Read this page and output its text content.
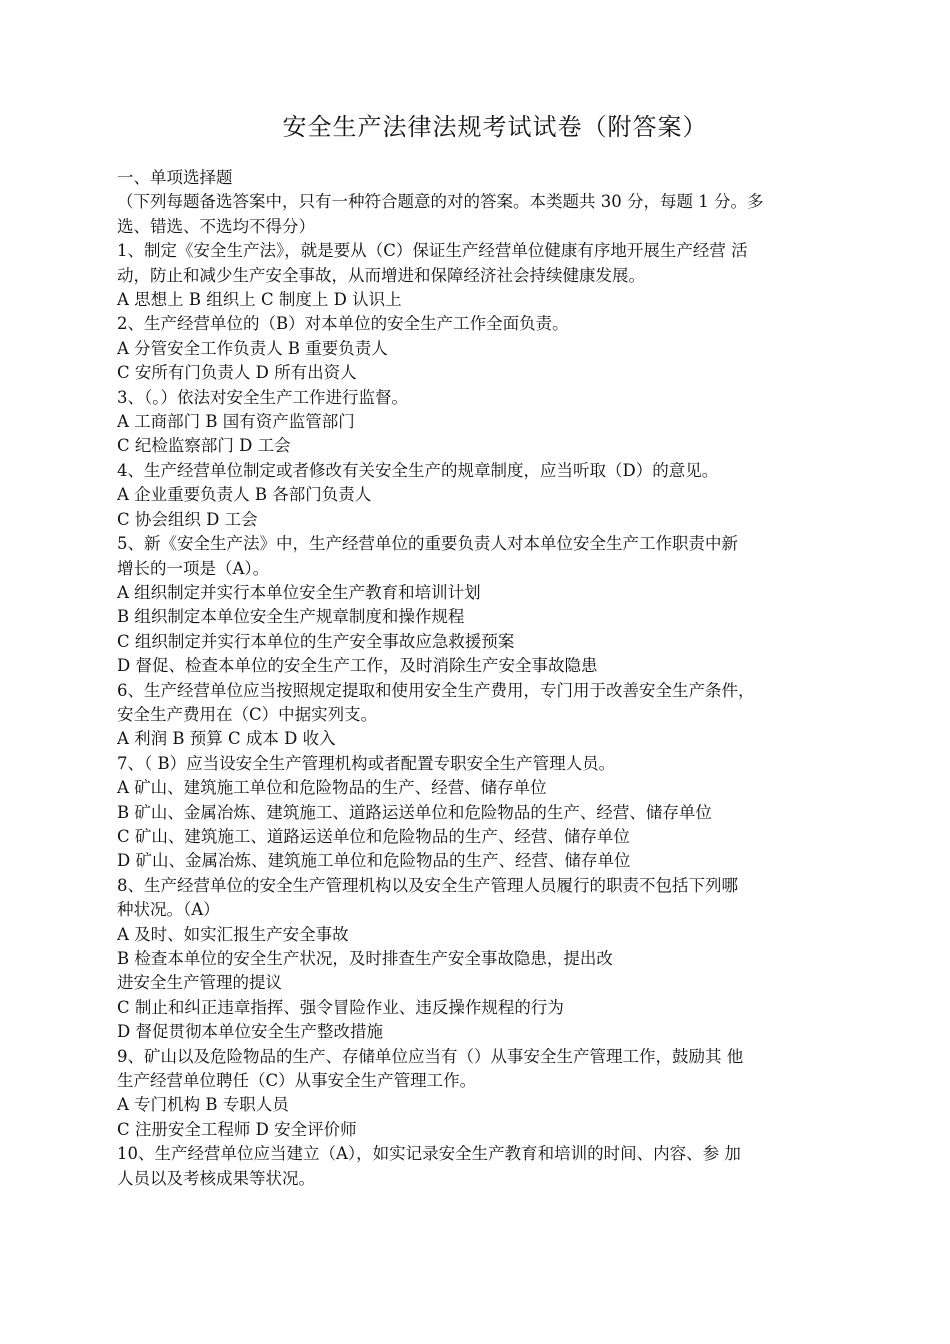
安全生产法律法规考试试卷（附答案）
一、单项选择题
（下列每题备选答案中，只有一种符合题意的对的答案。本类题共 30 分，每题 1 分。多
选、错选、不选均不得分）
1、制定《安全生产法》，就是要从（C）保证生产经营单位健康有序地开展生产经营 活
动，防止和减少生产安全事故，从而增进和保障经济社会持续健康发展。
A 思想上 B 组织上 C 制度上 D 认识上
2、生产经营单位的（B）对本单位的安全生产工作全面负责。
A 分管安全工作负责人 B 重要负责人
C 安所有门负责人 D 所有出资人
3、（。）依法对安全生产工作进行监督。
A 工商部门 B 国有资产监管部门
C 纪检监察部门 D 工会
4、生产经营单位制定或者修改有关安全生产的规章制度，应当听取（D）的意见。
A 企业重要负责人 B 各部门负责人
C 协会组织 D 工会
5、新《安全生产法》中，生产经营单位的重要负责人对本单位安全生产工作职责中新
增长的一项是（A）。
A 组织制定并实行本单位安全生产教育和培训计划
B 组织制定本单位安全生产规章制度和操作规程
C 组织制定并实行本单位的生产安全事故应急救援预案
D 督促、检查本单位的安全生产工作，及时消除生产安全事故隐患
6、生产经营单位应当按照规定提取和使用安全生产费用，专门用于改善安全生产条件，
安全生产费用在（C）中据实列支。
A 利润 B 预算 C 成本 D 收入
7、（ B）应当设安全生产管理机构或者配置专职安全生产管理人员。
A 矿山、建筑施工单位和危险物品的生产、经营、储存单位
B 矿山、金属冶炼、建筑施工、道路运送单位和危险物品的生产、经营、储存单位
C 矿山、建筑施工、道路运送单位和危险物品的生产、经营、储存单位
D 矿山、金属冶炼、建筑施工单位和危险物品的生产、经营、储存单位
8、生产经营单位的安全生产管理机构以及安全生产管理人员履行的职责不包括下列哪
种状况。（A）
A 及时、如实汇报生产安全事故
B 检查本单位的安全生产状况，及时排查生产安全事故隐患，提出改
进安全生产管理的提议
C 制止和纠正违章指挥、强令冒险作业、违反操作规程的行为
D 督促贯彻本单位安全生产整改措施
9、矿山以及危险物品的生产、存储单位应当有（）从事安全生产管理工作，鼓励其 他
生产经营单位聘任（C）从事安全生产管理工作。
A 专门机构 B 专职人员
C 注册安全工程师 D 安全评价师
10、生产经营单位应当建立（A），如实记录安全生产教育和培训的时间、内容、参 加
人员以及考核成果等状况。
